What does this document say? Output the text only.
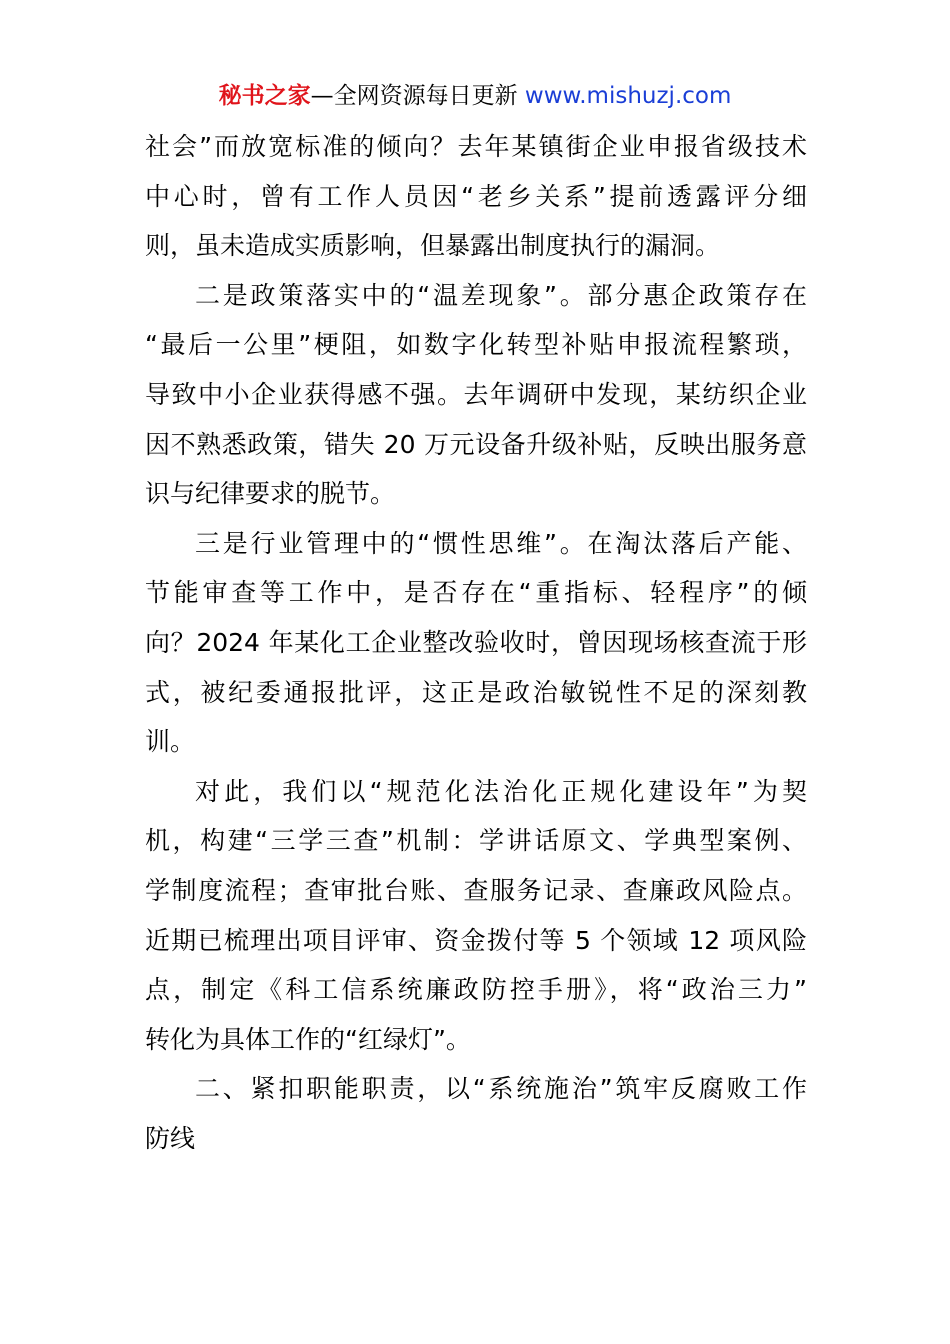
秘书之家—全网资源每日更新 www.mishuzj.com
社会”而放宽标准的倾向？去年某镇街企业申报省级技术
中心时，曾有工作人员因“老乡关系”提前透露评分细
则，虽未造成实质影响，但暴露出制度执行的漏洞。
二是政策落实中的“温差现象”。部分惠企政策存在
“最后一公里”梗阻，如数字化转型补贴申报流程繁琐，
导致中小企业获得感不强。去年调研中发现，某纺织企业
因不熟悉政策，错失 20 万元设备升级补贴，反映出服务意
识与纪律要求的脱节。
三是行业管理中的“惯性思维”。在淘汰落后产能、
节能审查等工作中，是否存在“重指标、轻程序”的倾
向？2024 年某化工企业整改验收时，曾因现场核查流于形
式，被纪委通报批评，这正是政治敏锐性不足的深刻教
训。
对此，我们以“规范化法治化正规化建设年”为契
机，构建“三学三查”机制：学讲话原文、学典型案例、
学制度流程；查审批台账、查服务记录、查廉政风险点。
近期已梳理出项目评审、资金拨付等 5 个领域 12 项风险
点，制定《科工信系统廉政防控手册》，将“政治三力”
转化为具体工作的“红绿灯”。
二、紧扣职能职责，以“系统施治”筑牢反腐败工作
防线
